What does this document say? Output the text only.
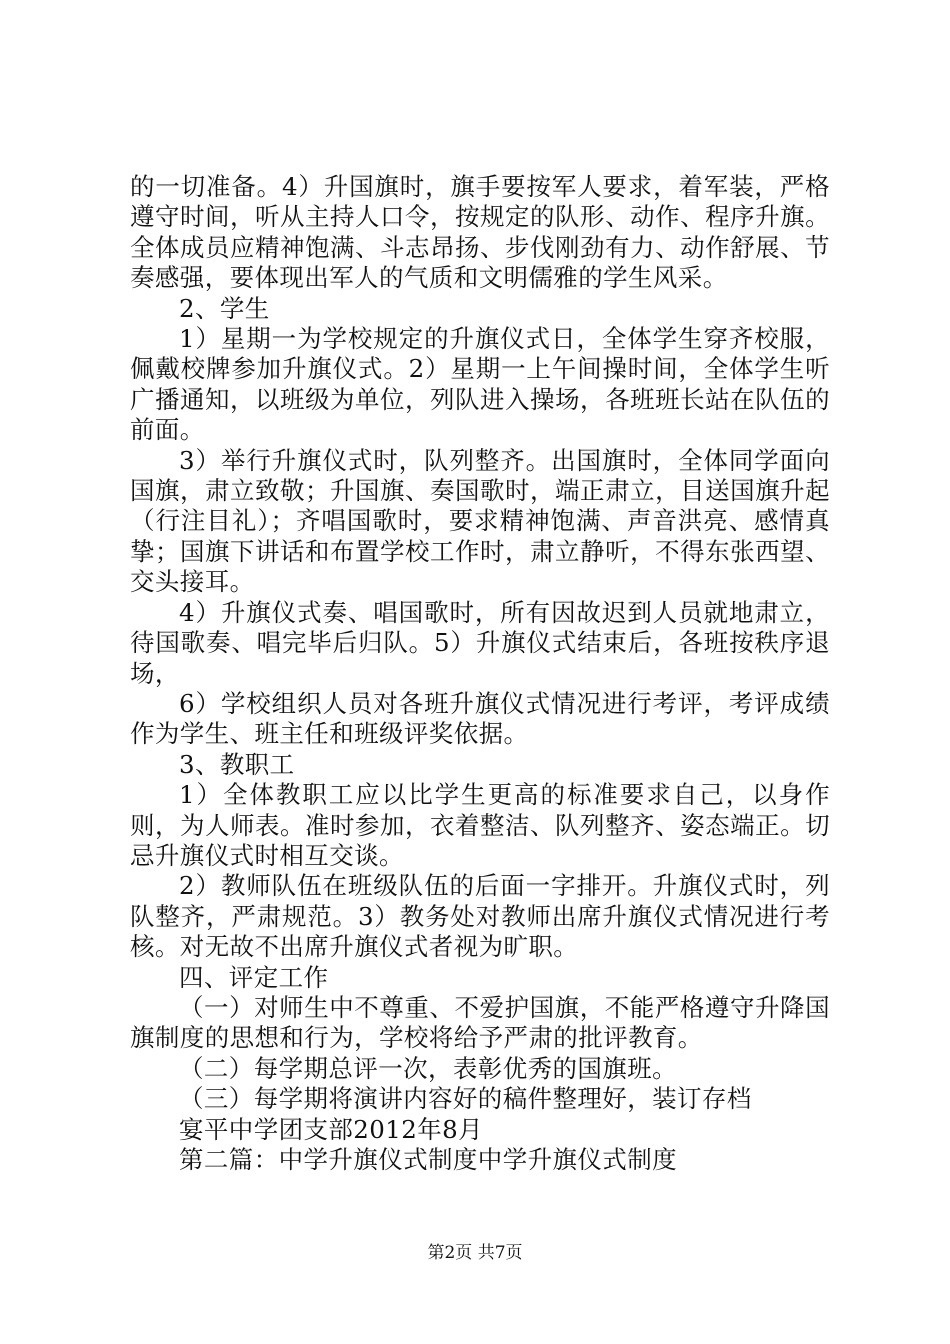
的一切准备。4）升国旗时，旗手要按军人要求，着军装，严格遵守时间，听从主持人口令，按规定的队形、动作、程序升旗。全体成员应精神饱满、斗志昂扬、步伐刚劲有力、动作舒展、节奏感强，要体现出军人的气质和文明儒雅的学生风采。

2、学生

1）星期一为学校规定的升旗仪式日，全体学生穿齐校服，佩戴校牌参加升旗仪式。2）星期一上午间操时间，全体学生听广播通知，以班级为单位，列队进入操场，各班班长站在队伍的前面。

3）举行升旗仪式时，队列整齐。出国旗时，全体同学面向国旗，肃立致敬；升国旗、奏国歌时，端正肃立，目送国旗升起（行注目礼）；齐唱国歌时，要求精神饱满、声音洪亮、感情真挚；国旗下讲话和布置学校工作时，肃立静听，不得东张西望、交头接耳。

4）升旗仪式奏、唱国歌时，所有因故迟到人员就地肃立，待国歌奏、唱完毕后归队。5）升旗仪式结束后，各班按秩序退场，

6）学校组织人员对各班升旗仪式情况进行考评，考评成绩作为学生、班主任和班级评奖依据。

3、教职工

1）全体教职工应以比学生更高的标准要求自己，以身作则，为人师表。准时参加，衣着整洁、队列整齐、姿态端正。切忌升旗仪式时相互交谈。

2）教师队伍在班级队伍的后面一字排开。升旗仪式时，列队整齐，严肃规范。3）教务处对教师出席升旗仪式情况进行考核。对无故不出席升旗仪式者视为旷职。

四、评定工作

（一）对师生中不尊重、不爱护国旗，不能严格遵守升降国旗制度的思想和行为，学校将给予严肃的批评教育。

（二）每学期总评一次，表彰优秀的国旗班。

（三）每学期将演讲内容好的稿件整理好，装订存档

宴平中学团支部2012年8月

第二篇：中学升旗仪式制度中学升旗仪式制度

第2页 共7页
